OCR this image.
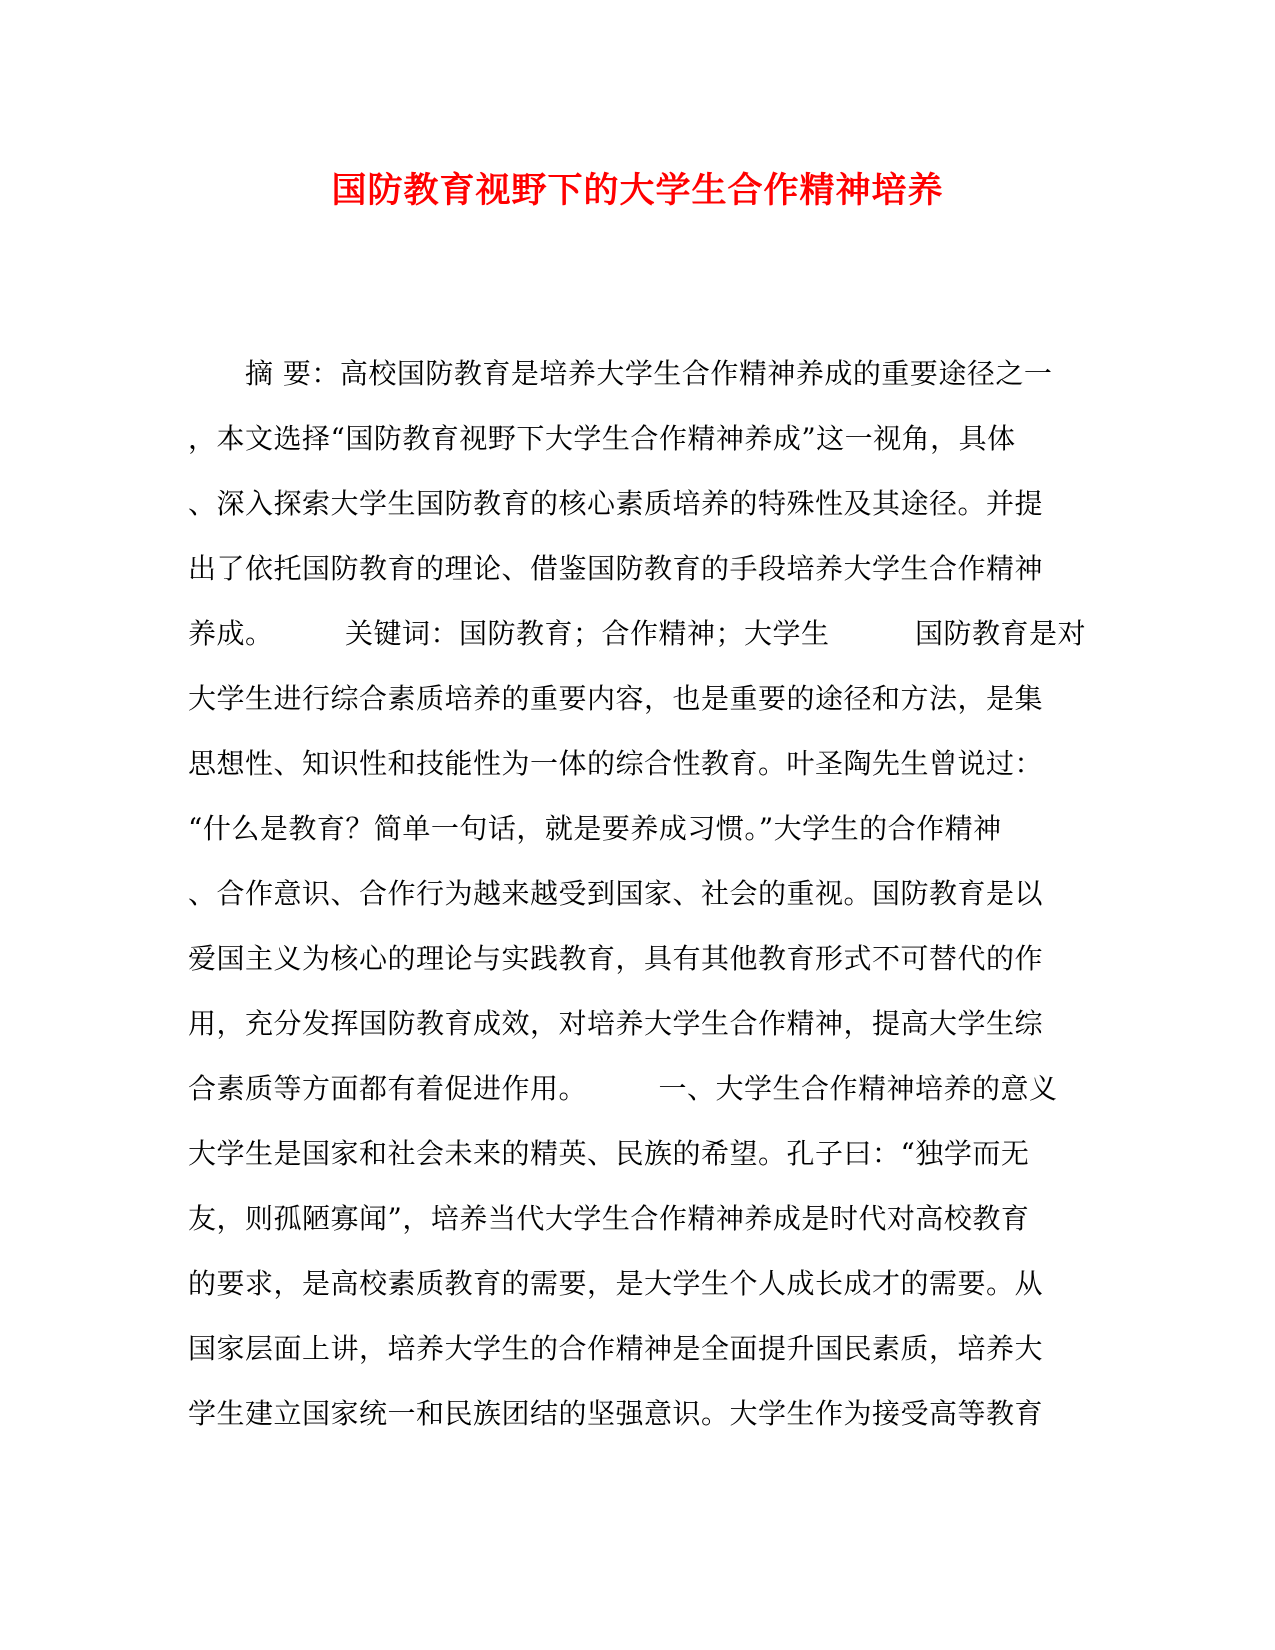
国防教育视野下的大学生合作精神培养
　　摘 要：高校国防教育是培养大学生合作精神养成的重要途径之一
，本文选择“国防教育视野下大学生合作精神养成”这一视角，具体
、深入探索大学生国防教育的核心素质培养的特殊性及其途径。并提
出了依托国防教育的理论、借鉴国防教育的手段培养大学生合作精神
养成。　　　关键词：国防教育；合作精神；大学生　　　国防教育是对
大学生进行综合素质培养的重要内容，也是重要的途径和方法，是集
思想性、知识性和技能性为一体的综合性教育。叶圣陶先生曾说过：
“什么是教育？简单一句话，就是要养成习惯。”大学生的合作精神
、合作意识、合作行为越来越受到国家、社会的重视。国防教育是以
爱国主义为核心的理论与实践教育，具有其他教育形式不可替代的作
用，充分发挥国防教育成效，对培养大学生合作精神，提高大学生综
合素质等方面都有着促进作用。　　　一、大学生合作精神培养的意义
大学生是国家和社会未来的精英、民族的希望。孔子曰：“独学而无
友，则孤陋寡闻”，培养当代大学生合作精神养成是时代对高校教育
的要求，是高校素质教育的需要，是大学生个人成长成才的需要。从
国家层面上讲，培养大学生的合作精神是全面提升国民素质，培养大
学生建立国家统一和民族团结的坚强意识。大学生作为接受高等教育
